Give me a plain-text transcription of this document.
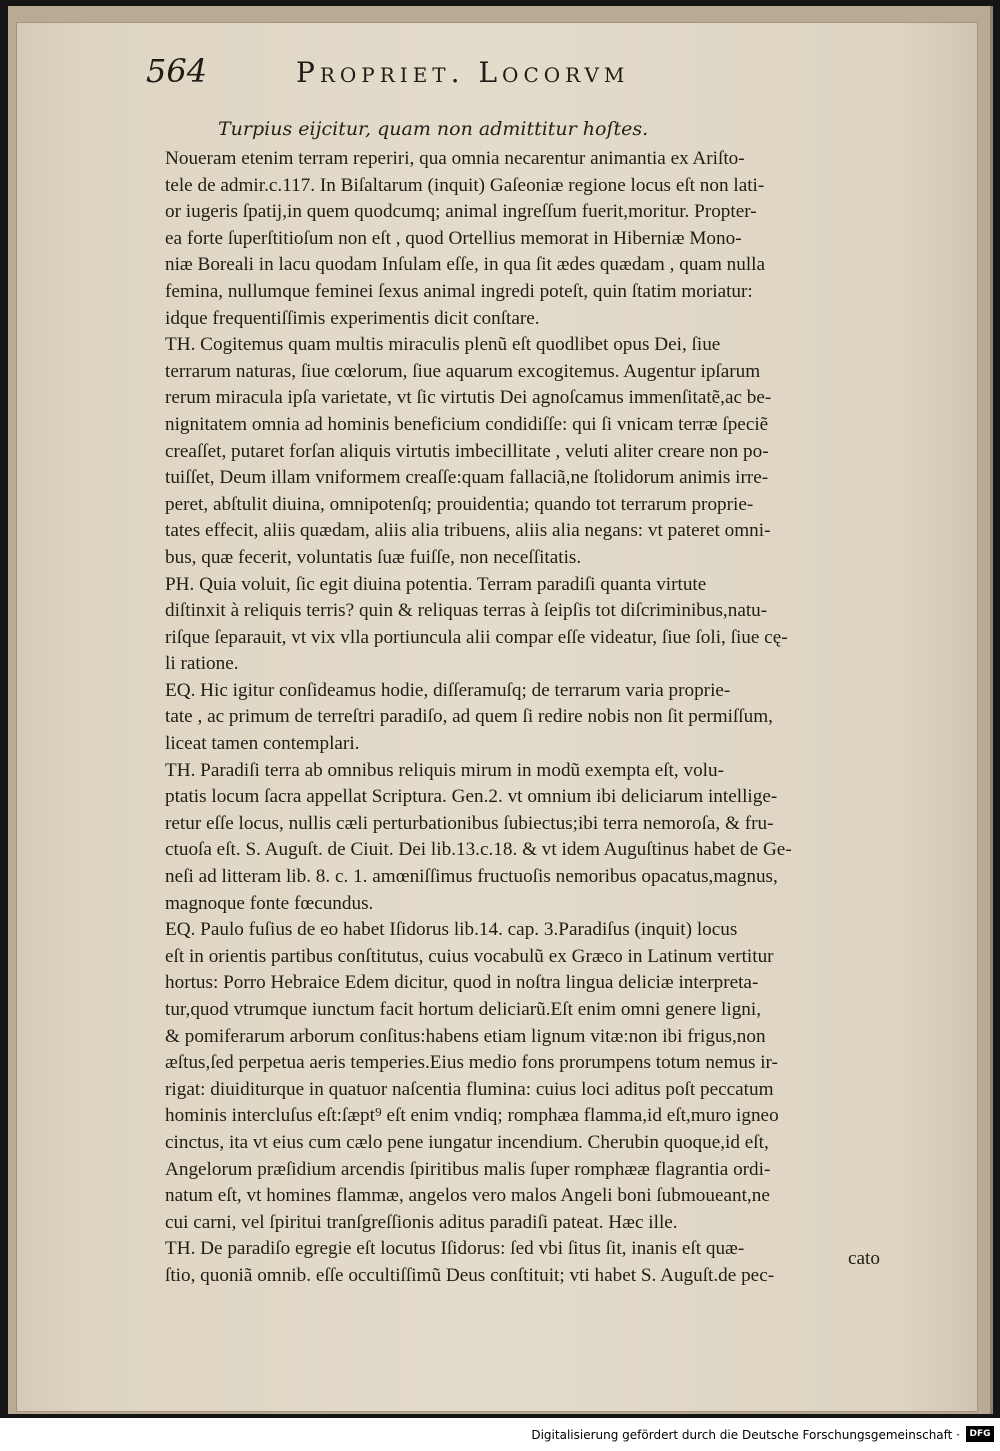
564	Propriet. Locorvm
Turpius eijcitur, quam non admittitur hoſtes.
Noueram etenim terram reperiri, qua omnia necarentur animantia ex Ariſto-
tele de admir.c.117. In Biſaltarum (inquit) Gaſeoniæ regione locus eſt non lati-
or iugeris ſpatij,in quem quodcumq; animal ingreſſum fuerit,moritur. Propter-
ea forte ſuperſtitioſum non eſt , quod Ortellius memorat in Hiberniæ Mono-
niæ Boreali in lacu quodam Inſulam eſſe, in qua ſit ædes quædam , quam nulla
femina, nullumque feminei ſexus animal ingredi poteſt, quin ſtatim moriatur:
idque frequentiſſimis experimentis dicit conſtare.
TH. Cogitemus quam multis miraculis plenũ eſt quodlibet opus Dei, ſiue
terrarum naturas, ſiue cœlorum, ſiue aquarum excogitemus. Augentur ipſarum
rerum miracula ipſa varietate, vt ſic virtutis Dei agnoſcamus immenſitatẽ,ac be-
nignitatem omnia ad hominis beneficium condidiſſe: qui ſi vnicam terræ ſpeciẽ
creaſſet, putaret forſan aliquis virtutis imbecillitate , veluti aliter creare non po-
tuiſſet, Deum illam vniformem creaſſe:quam fallaciã,ne ſtolidorum animis irre-
peret, abſtulit diuina, omnipotenſq; prouidentia; quando tot terrarum proprie-
tates effecit, aliis quædam, aliis alia tribuens, aliis alia negans: vt pateret omni-
bus, quæ fecerit, voluntatis ſuæ fuiſſe, non neceſſitatis.
PH. Quia voluit, ſic egit diuina potentia. Terram paradiſi quanta virtute
diſtinxit à reliquis terris? quin & reliquas terras à ſeipſis tot diſcriminibus,natu-
riſque ſeparauit, vt vix vlla portiuncula alii compar eſſe videatur, ſiue ſoli, ſiue cę-
li ratione.
EQ. Hic igitur conſideamus hodie, diſſeramuſq; de terrarum varia proprie-
tate , ac primum de terreſtri paradiſo, ad quem ſi redire nobis non ſit permiſſum,
liceat tamen contemplari.
TH. Paradiſi terra ab omnibus reliquis mirum in modũ exempta eſt, volu-
ptatis locum ſacra appellat Scriptura. Gen.2. vt omnium ibi deliciarum intellige-
retur eſſe locus, nullis cæli perturbationibus ſubiectus;ibi terra nemoroſa, & fru-
ctuoſa eſt. S. Auguſt. de Ciuit. Dei lib.13.c.18. & vt idem Auguſtinus habet de Ge-
neſi ad litteram lib. 8. c. 1. amœniſſimus fructuoſis nemoribus opacatus,magnus,
magnoque fonte fœcundus.
EQ. Paulo fuſius de eo habet Iſidorus lib.14. cap. 3.Paradiſus (inquit) locus
eſt in orientis partibus conſtitutus, cuius vocabulũ ex Græco in Latinum vertitur
hortus: Porro Hebraice Edem dicitur, quod in noſtra lingua deliciæ interpreta-
tur,quod vtrumque iunctum facit hortum deliciarũ.Eſt enim omni genere ligni,
& pomiferarum arborum conſitus:habens etiam lignum vitæ:non ibi frigus,non
æſtus,ſed perpetua aeris temperies.Eius medio fons prorumpens totum nemus ir-
rigat: diuiditurque in quatuor naſcentia flumina: cuius loci aditus poſt peccatum
hominis intercluſus eſt:ſæpt⁹ eſt enim vndiq; romphæa flamma,id eſt,muro igneo
cinctus, ita vt eius cum cælo pene iungatur incendium. Cherubin quoque,id eſt,
Angelorum præſidium arcendis ſpiritibus malis ſuper romphææ flagrantia ordi-
natum eſt, vt homines flammæ, angelos vero malos Angeli boni ſubmoueant,ne
cui carni, vel ſpiritui tranſgreſſionis aditus paradiſi pateat. Hæc ille.
TH. De paradiſo egregie eſt locutus Iſidorus: ſed vbi ſitus ſit, inanis eſt quæ-
ſtio, quoniã omnib. eſſe occultiſſimũ Deus conſtituit; vti habet S. Auguſt.de pec-
cato
Digitalisierung gefördert durch die Deutsche Forschungsgemeinschaft ·	DFG
